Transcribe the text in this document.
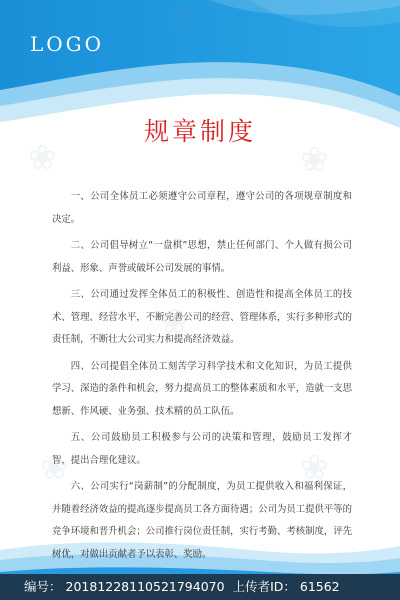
LOGO
规章制度
一、公司全体员工必须遵守公司章程，遵守公司的各项规章制度和决定。
二、公司倡导树立“一盘棋”思想，禁止任何部门、个人做有损公司利益、形象、声誉或破坏公司发展的事情。
三、公司通过发挥全体员工的积极性、创造性和提高全体员工的技术、管理、经营水平，不断完善公司的经营、管理体系，实行多种形式的责任制，不断壮大公司实力和提高经济效益。
四、公司提倡全体员工刻苦学习科学技术和文化知识，为员工提供学习、深造的条件和机会，努力提高员工的整体素质和水平，造就一支思想新、作风硬、业务强、技术精的员工队伍。
五、公司鼓励员工积极参与公司的决策和管理，鼓励员工发挥才智，提出合理化建议。
六、公司实行“岗薪制”的分配制度，为员工提供收入和福利保证，并随着经济效益的提高逐步提高员工各方面待遇；公司为员工提供平等的竞争环境和晋升机会；公司推行岗位责任制，实行考勤、考核制度，评先树优，对做出贡献者予以表彰、奖励。
❀	❀
❀
❀	❀
编号： 20181228110521794070 上传者ID： 61562
